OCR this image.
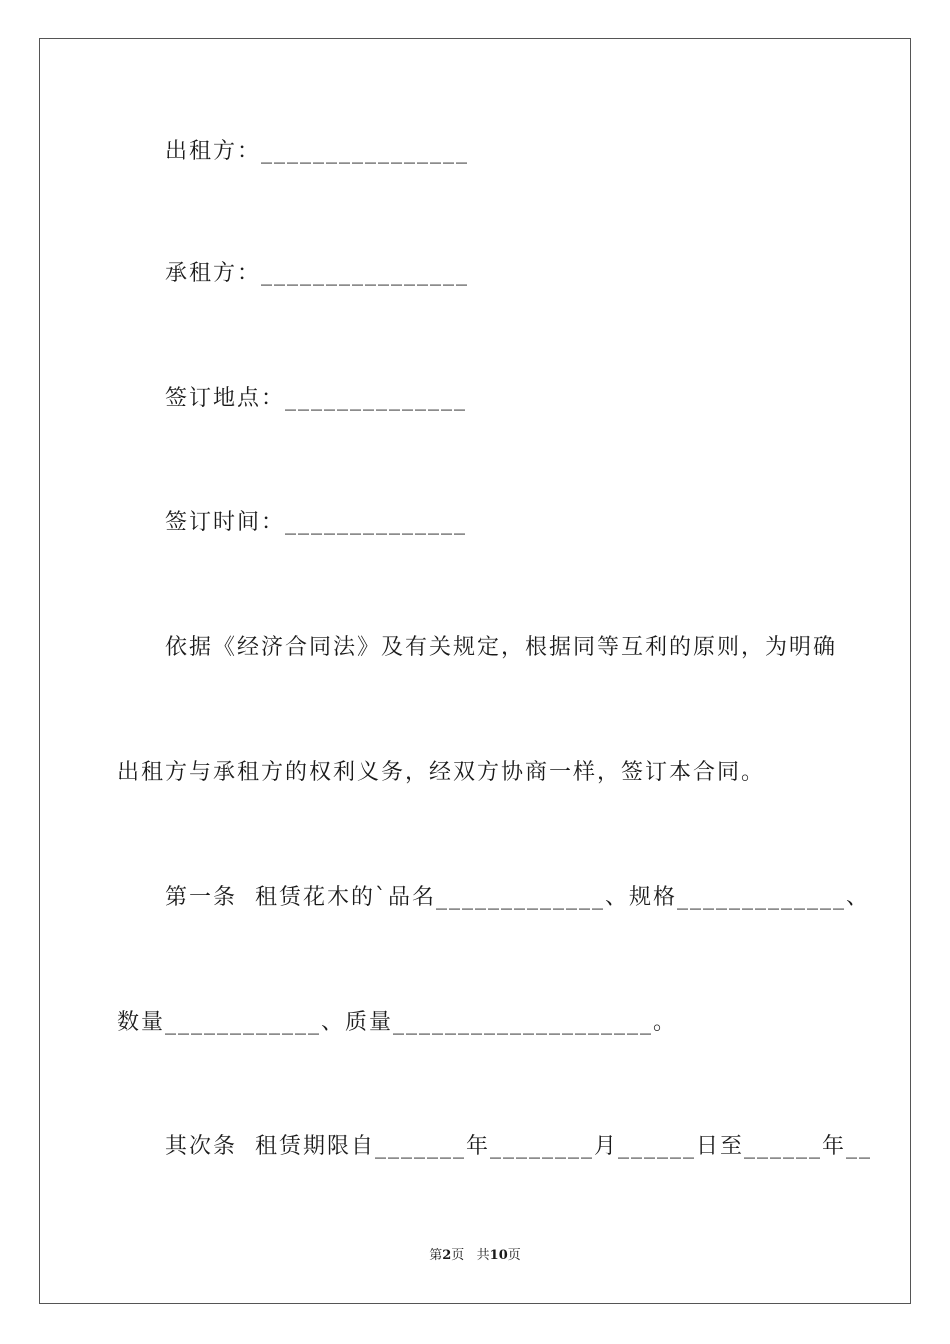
出租方：________________
承租方：________________
签订地点：______________
签订时间：______________
依据《经济合同法》及有关规定，根据同等互利的原则，为明确
出租方与承租方的权利义务，经双方协商一样，签订本合同。
第一条  租赁花木的`品名_____________、规格_____________、
数量____________、质量____________________。
其次条  租赁期限自_______年________月______日至______年__
第2页   共10页
